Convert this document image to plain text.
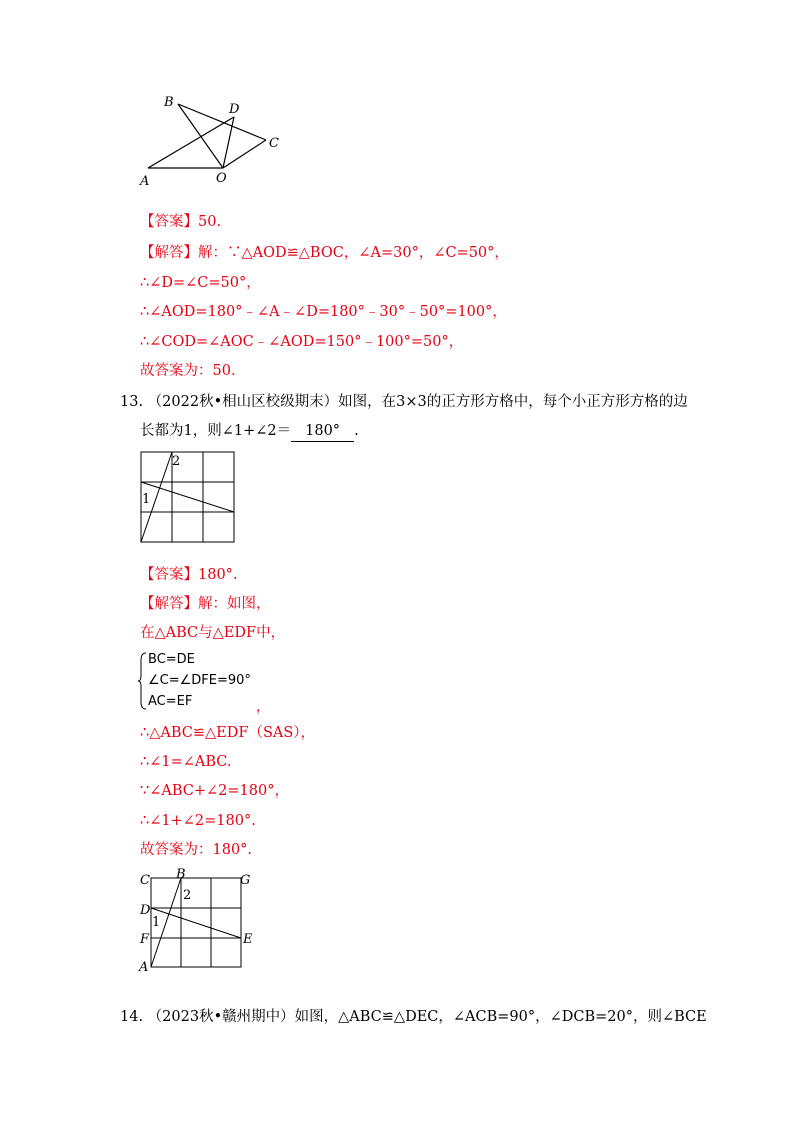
B	D
C
A	O
【答案】50.
【解答】解：∵△AOD≌△BOC，∠A=30°，∠C=50°，
∴∠D=∠C=50°，
∴∠AOD=180°﹣∠A﹣∠D=180°﹣30°﹣50°=100°，
∴∠COD=∠AOC﹣∠AOD=150°﹣100°=50°，
故答案为：50.
13. （2022秋•相山区校级期末）如图，在3×3的正方形方格中，每个小正方形方格的边
长都为1，则∠1+∠2＝ 180° .
1
2
【答案】180°.
【解答】解：如图，
在△ABC与△EDF中，
BC=DE
∠C=∠DFE=90°
AC=EF	，
∴△ABC≌△EDF（SAS），
∴∠1=∠ABC.
∵∠ABC+∠2=180°，
∴∠1+∠2=180°.
故答案为：180°.
C B	G
D
F	E
A
1
2
14. （2023秋•赣州期中）如图，△ABC≌△DEC，∠ACB=90°，∠DCB=20°，则∠BCE
